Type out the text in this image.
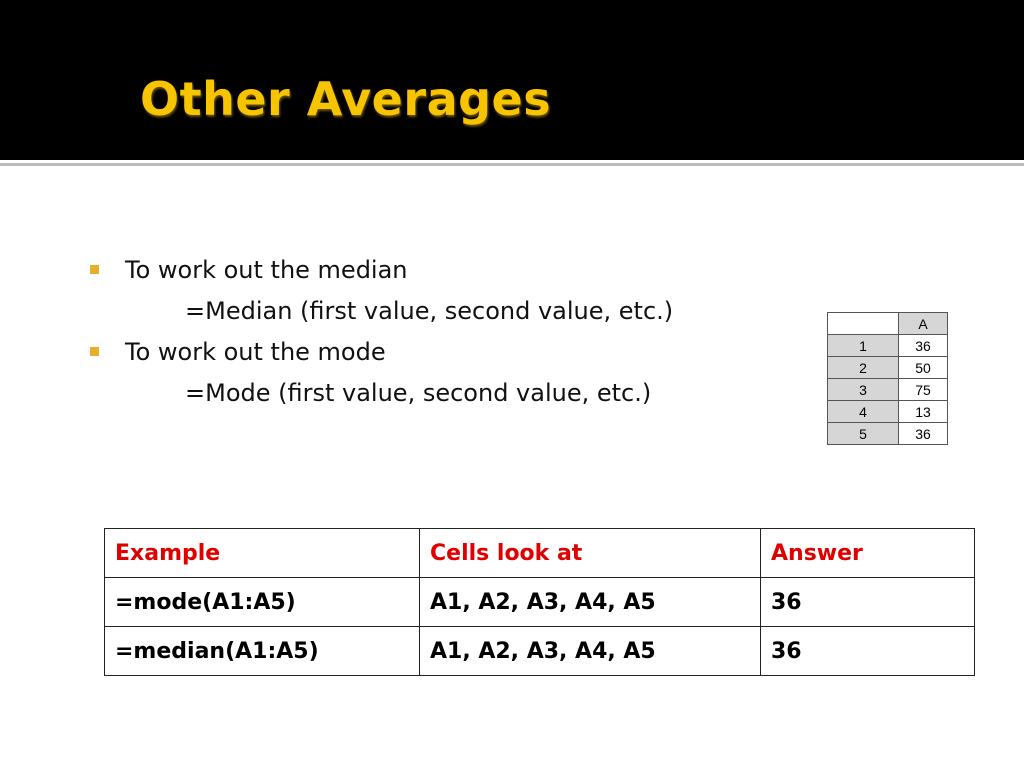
Other Averages
To work out the median
=Median (first value, second value, etc.)
To work out the mode
=Mode (first value, second value, etc.)
	A
1	36
2	50
3	75
4	13
5	36
Example	Cells look at	Answer
=mode(A1:A5)	A1, A2, A3, A4, A5	36
=median(A1:A5)	A1, A2, A3, A4, A5	36
